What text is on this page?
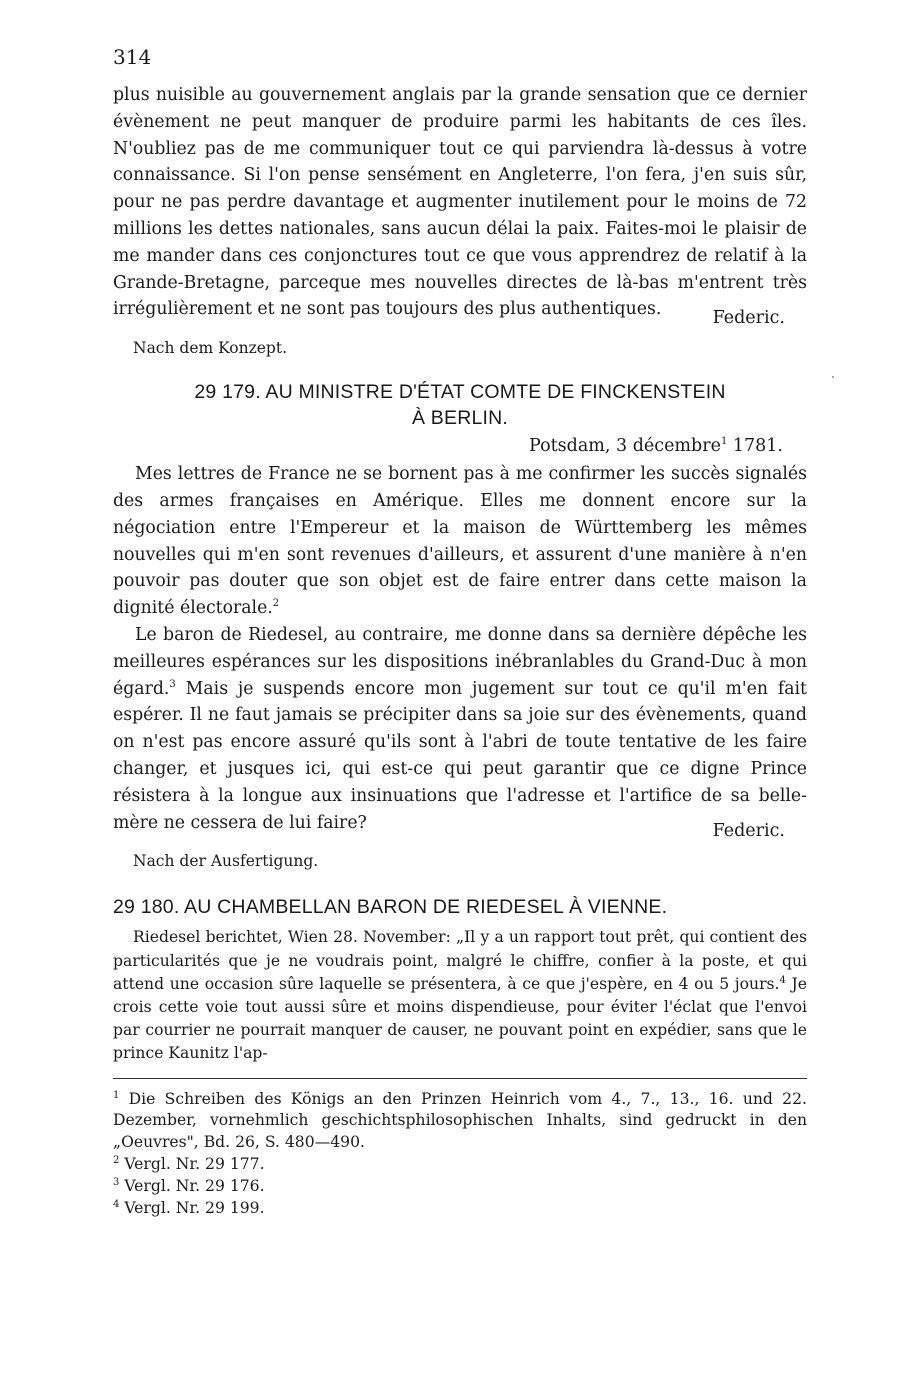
314

plus nuisible au gouvernement anglais par la grande sensation que ce dernier évènement ne peut manquer de produire parmi les habitants de ces îles. N'oubliez pas de me communiquer tout ce qui parviendra là-dessus à votre connaissance. Si l'on pense sensément en Angleterre, l'on fera, j'en suis sûr, pour ne pas perdre davantage et augmenter inutilement pour le moins de 72 millions les dettes nationales, sans aucun délai la paix. Faites-moi le plaisir de me mander dans ces conjonctures tout ce que vous apprendrez de relatif à la Grande-Bretagne, parceque mes nouvelles directes de là-bas m'entrent très irrégulièrement et ne sont pas toujours des plus authentiques.	Federic.
Nach dem Konzept.
29 179. AU MINISTRE D'ÉTAT COMTE DE FINCKENSTEIN
À BERLIN.
Potsdam, 3 décembre$^1$ 1781.

Mes lettres de France ne se bornent pas à me confirmer les succès signalés des armes françaises en Amérique. Elles me donnent encore sur la négociation entre l'Empereur et la maison de Württemberg les mêmes nouvelles qui m'en sont revenues d'ailleurs, et assurent d'une manière à n'en pouvoir pas douter que son objet est de faire entrer dans cette maison la dignité électorale.$^2$

Le baron de Riedesel, au contraire, me donne dans sa dernière dépêche les meilleures espérances sur les dispositions inébranlables du Grand-Duc à mon égard.$^3$ Mais je suspends encore mon jugement sur tout ce qu'il m'en fait espérer. Il ne faut jamais se précipiter dans sa joie sur des évènements, quand on n'est pas encore assuré qu'ils sont à l'abri de toute tentative de les faire changer, et jusques ici, qui est-ce qui peut garantir que ce digne Prince résistera à la longue aux insinuations que l'adresse et l'artifice de sa belle-mère ne cessera de lui faire?	Federic.
Nach der Ausfertigung.
29 180. AU CHAMBELLAN BARON DE RIEDESEL À VIENNE.

Riedesel berichtet, Wien 28. November: „Il y a un rapport tout prêt, qui contient des particularités que je ne voudrais point, malgré le chiffre, confier à la poste, et qui attend une occasion sûre laquelle se présentera, à ce que j'espère, en 4 ou 5 jours.$^4$ Je crois cette voie tout aussi sûre et moins dispendieuse, pour éviter l'éclat que l'envoi par courrier ne pourrait manquer de causer, ne pouvant point en expédier, sans que le prince Kaunitz l'ap-

$^1$ Die Schreiben des Königs an den Prinzen Heinrich vom 4., 7., 13., 16. und 22. Dezember, vornehmlich geschichtsphilosophischen Inhalts, sind gedruckt in den „Oeuvres", Bd. 26, S. 480—490.

$^2$ Vergl. Nr. 29 177.

$^3$ Vergl. Nr. 29 176.

$^4$ Vergl. Nr. 29 199.
